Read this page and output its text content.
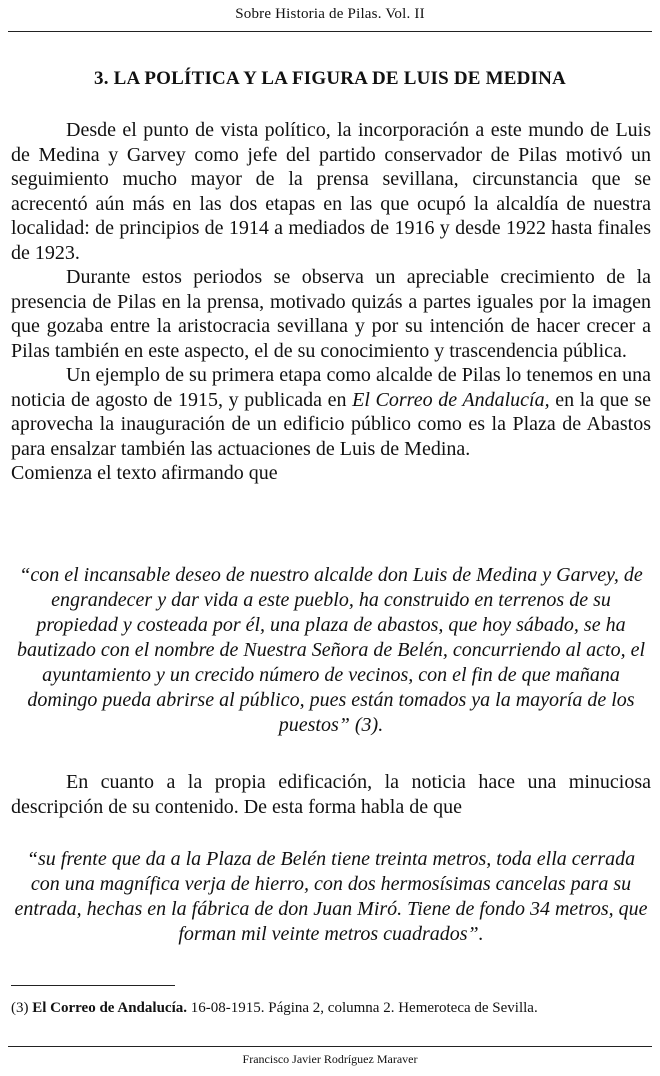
Sobre Historia de Pilas. Vol. II
3. LA POLÍTICA Y LA FIGURA DE LUIS DE MEDINA

Desde el punto de vista político, la incorporación a este mundo de Luis de Medina y Garvey como jefe del partido conservador de Pilas motivó un seguimiento mucho mayor de la prensa sevillana, circunstancia que se acrecentó aún más en las dos etapas en las que ocupó la alcaldía de nuestra localidad: de principios de 1914 a mediados de 1916 y desde 1922 hasta finales de 1923.

Durante estos periodos se observa un apreciable crecimiento de la presencia de Pilas en la prensa, motivado quizás a partes iguales por la imagen que gozaba entre la aristocracia sevillana y por su intención de hacer crecer a Pilas también en este aspecto, el de su conocimiento y trascendencia pública.

Un ejemplo de su primera etapa como alcalde de Pilas lo tenemos en una noticia de agosto de 1915, y publicada en El Correo de Andalucía, en la que se aprovecha la inauguración de un edificio público como es la Plaza de Abastos para ensalzar también las actuaciones de Luis de Medina.

Comienza el texto afirmando que

“con el incansable deseo de nuestro alcalde don Luis de Medina y Garvey, de engrandecer y dar vida a este pueblo, ha construido en terrenos de su propiedad y costeada por él, una plaza de abastos, que hoy sábado, se ha bautizado con el nombre de Nuestra Señora de Belén, concurriendo al acto, el ayuntamiento y un crecido número de vecinos, con el fin de que mañana domingo pueda abrirse al público, pues están tomados ya la mayoría de los puestos” (3).

En cuanto a la propia edificación, la noticia hace una minuciosa descripción de su contenido. De esta forma habla de que

“su frente que da a la Plaza de Belén tiene treinta metros, toda ella cerrada con una magnífica verja de hierro, con dos hermosísimas cancelas para su entrada, hechas en la fábrica de don Juan Miró. Tiene de fondo 34 metros, que forman mil veinte metros cuadrados”.
(3) El Correo de Andalucía. 16-08-1915. Página 2, columna 2. Hemeroteca de Sevilla.
Francisco Javier Rodríguez Maraver
